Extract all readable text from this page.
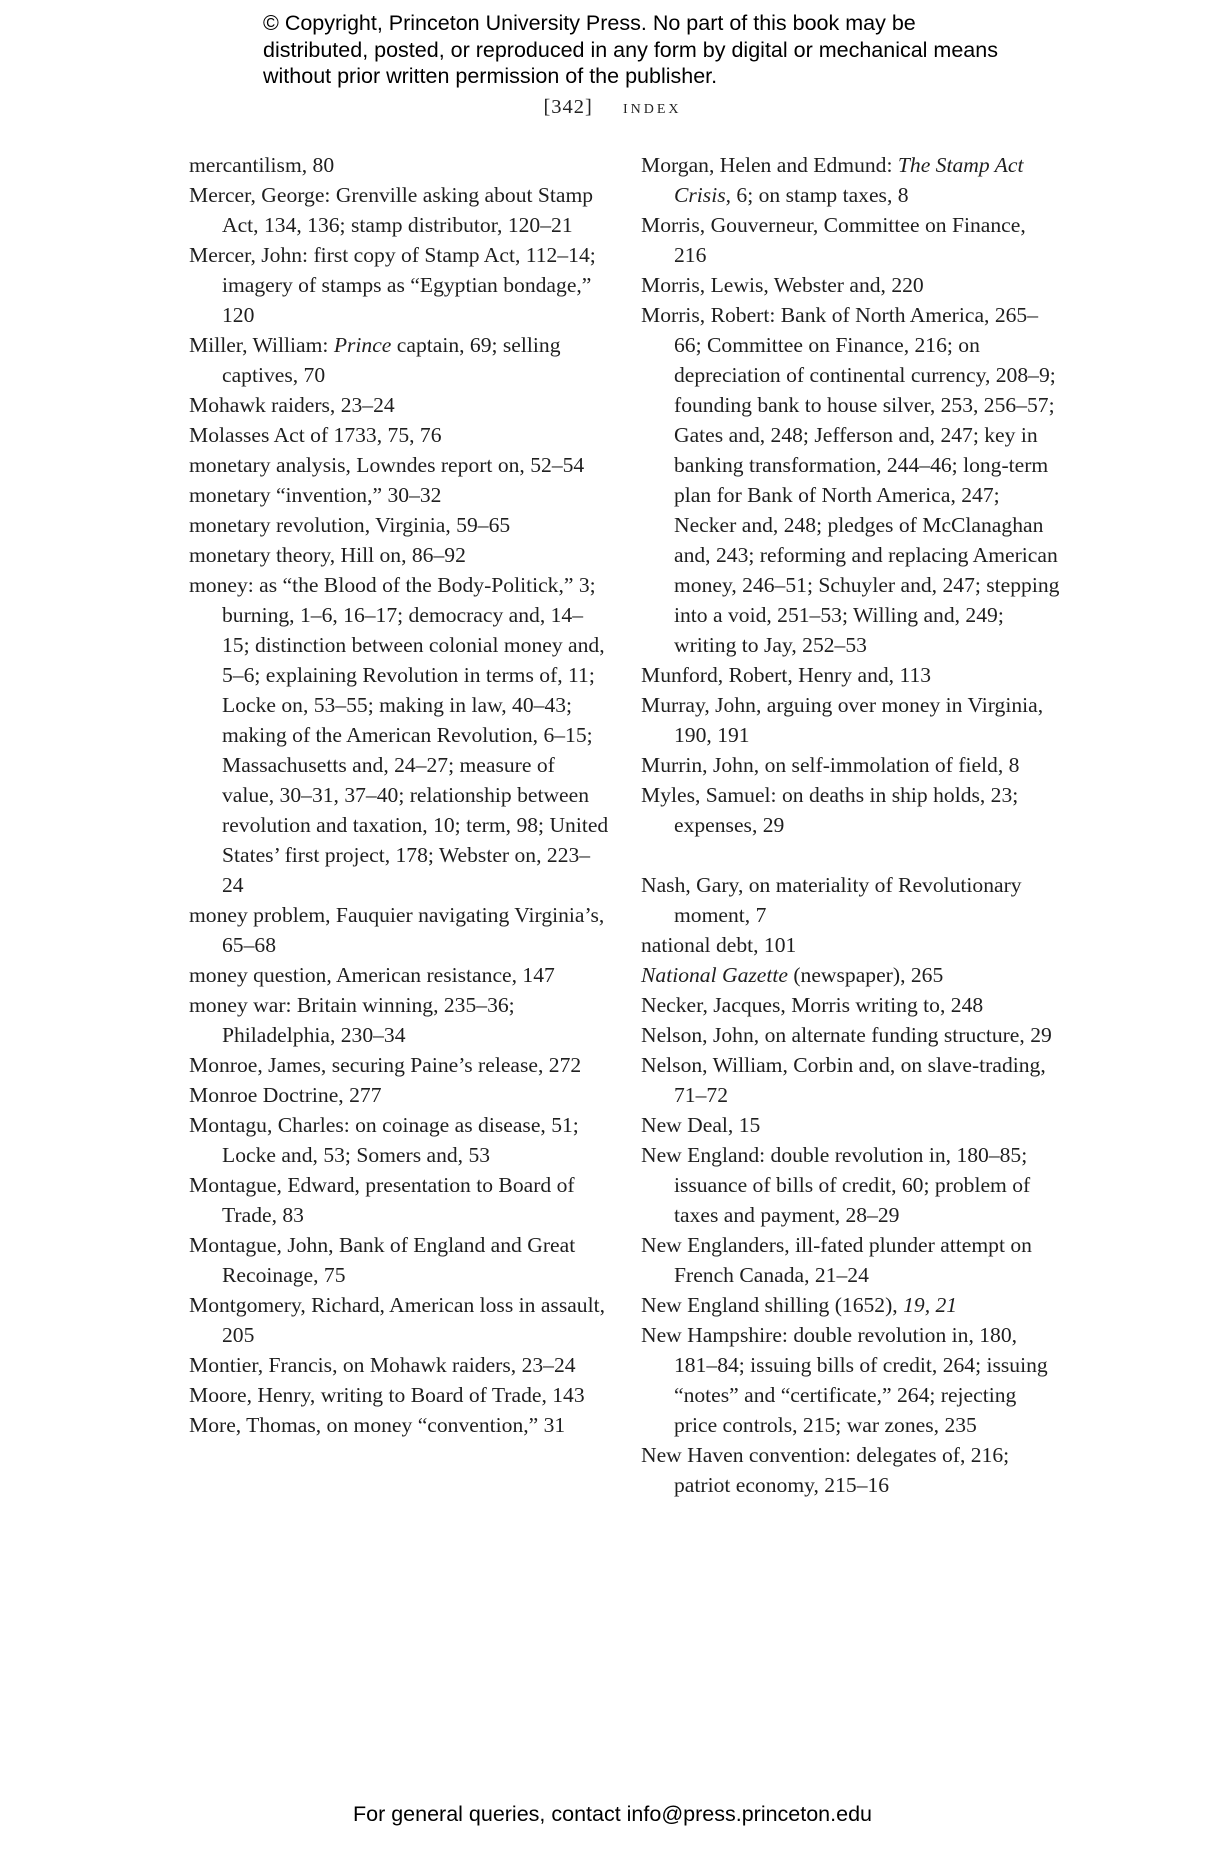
© Copyright, Princeton University Press. No part of this book may be distributed, posted, or reproduced in any form by digital or mechanical means without prior written permission of the publisher.
[342] index
mercantilism, 80
Mercer, George: Grenville asking about Stamp Act, 134, 136; stamp distributor, 120–21
Mercer, John: first copy of Stamp Act, 112–14; imagery of stamps as “Egyptian bondage,” 120
Miller, William: Prince captain, 69; selling captives, 70
Mohawk raiders, 23–24
Molasses Act of 1733, 75, 76
monetary analysis, Lowndes report on, 52–54
monetary “invention,” 30–32
monetary revolution, Virginia, 59–65
monetary theory, Hill on, 86–92
money: as “the Blood of the Body-Politick,” 3; burning, 1–6, 16–17; democracy and, 14–15; distinction between colonial money and, 5–6; explaining Revolution in terms of, 11; Locke on, 53–55; making in law, 40–43; making of the American Revolution, 6–15; Massachusetts and, 24–27; measure of value, 30–31, 37–40; relationship between revolution and taxation, 10; term, 98; United States’ first project, 178; Webster on, 223–24
money problem, Fauquier navigating Virginia’s, 65–68
money question, American resistance, 147
money war: Britain winning, 235–36; Philadelphia, 230–34
Monroe, James, securing Paine’s release, 272
Monroe Doctrine, 277
Montagu, Charles: on coinage as disease, 51; Locke and, 53; Somers and, 53
Montague, Edward, presentation to Board of Trade, 83
Montague, John, Bank of England and Great Recoinage, 75
Montgomery, Richard, American loss in assault, 205
Montier, Francis, on Mohawk raiders, 23–24
Moore, Henry, writing to Board of Trade, 143
More, Thomas, on money “convention,” 31
Morgan, Helen and Edmund: The Stamp Act Crisis, 6; on stamp taxes, 8
Morris, Gouverneur, Committee on Finance, 216
Morris, Lewis, Webster and, 220
Morris, Robert: Bank of North America, 265–66; Committee on Finance, 216; on depreciation of continental currency, 208–9; founding bank to house silver, 253, 256–57; Gates and, 248; Jefferson and, 247; key in banking transformation, 244–46; long-term plan for Bank of North America, 247; Necker and, 248; pledges of McClanaghan and, 243; reforming and replacing American money, 246–51; Schuyler and, 247; stepping into a void, 251–53; Willing and, 249; writing to Jay, 252–53
Munford, Robert, Henry and, 113
Murray, John, arguing over money in Virginia, 190, 191
Murrin, John, on self-immolation of field, 8
Myles, Samuel: on deaths in ship holds, 23; expenses, 29
Nash, Gary, on materiality of Revolutionary moment, 7
national debt, 101
National Gazette (newspaper), 265
Necker, Jacques, Morris writing to, 248
Nelson, John, on alternate funding structure, 29
Nelson, William, Corbin and, on slave-trading, 71–72
New Deal, 15
New England: double revolution in, 180–85; issuance of bills of credit, 60; problem of taxes and payment, 28–29
New Englanders, ill-fated plunder attempt on French Canada, 21–24
New England shilling (1652), 19, 21
New Hampshire: double revolution in, 180, 181–84; issuing bills of credit, 264; issuing “notes” and “certificate,” 264; rejecting price controls, 215; war zones, 235
New Haven convention: delegates of, 216; patriot economy, 215–16
For general queries, contact info@press.princeton.edu
